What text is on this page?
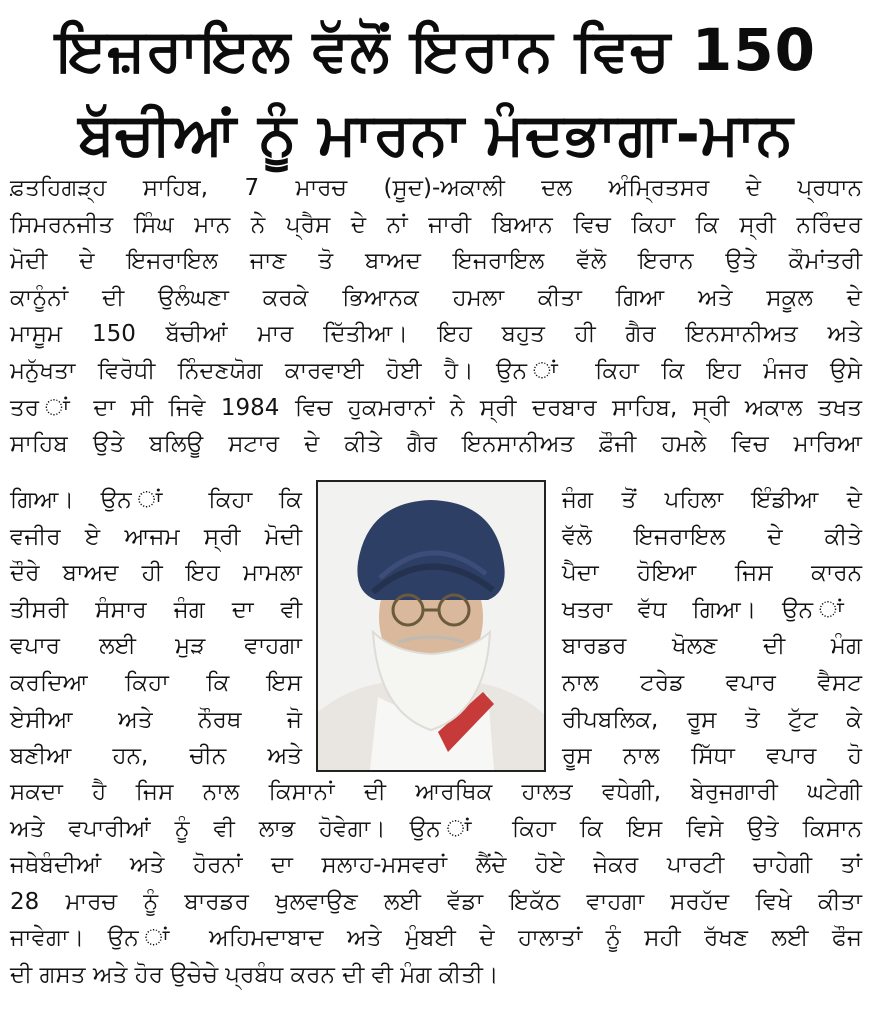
ਇਜ਼ਰਾਇਲ ਵੱਲੋਂ ਇਰਾਨ ਵਿਚ 150
ਬੱਚੀਆਂ ਨੂੰ ਮਾਰਨਾ ਮੰਦਭਾਗਾ-ਮਾਨ
ਫ਼ਤਹਿਗੜ੍ਹ ਸਾਹਿਬ, 7 ਮਾਰਚ (ਸੂਦ)-ਅਕਾਲੀ ਦਲ ਅੰਮ੍ਰਿਤਸਰ ਦੇ ਪ੍ਰਧਾਨ
ਸਿਮਰਨਜੀਤ ਸਿੰਘ ਮਾਨ ਨੇ ਪ੍ਰੈਸ ਦੇ ਨਾਂ ਜਾਰੀ ਬਿਆਨ ਵਿਚ ਕਿਹਾ ਕਿ ਸ੍ਰੀ ਨਰਿੰਦਰ
ਮੋਦੀ ਦੇ ਇਜਰਾਇਲ ਜਾਣ ਤੋ ਬਾਅਦ ਇਜਰਾਇਲ ਵੱਲੋ ਇਰਾਨ ਉਤੇ ਕੌਮਾਂਤਰੀ
ਕਾਨੂੰਨਾਂ ਦੀ ਉਲੰਘਣਾ ਕਰਕੇ ਭਿਆਨਕ ਹਮਲਾ ਕੀਤਾ ਗਿਆ ਅਤੇ ਸਕੂਲ ਦੇ
ਮਾਸੂਮ 150 ਬੱਚੀਆਂ ਮਾਰ ਦਿੱਤੀਆ। ਇਹ ਬਹੁਤ ਹੀ ਗੈਰ ਇਨਸਾਨੀਅਤ ਅਤੇ
ਮਨੁੱਖਤਾ ਵਿਰੋਧੀ ਨਿੰਦਣਯੋਗ ਕਾਰਵਾਈ ਹੋਈ ਹੈ। ਉਨ ਾਂ ਕਿਹਾ ਕਿ ਇਹ ਮੰਜਰ ਉਸੇ
ਤਰ ਾਂ ਦਾ ਸੀ ਜਿਵੇ 1984 ਵਿਚ ਹੁਕਮਰਾਨਾਂ ਨੇ ਸ੍ਰੀ ਦਰਬਾਰ ਸਾਹਿਬ, ਸ੍ਰੀ ਅਕਾਲ ਤਖਤ
ਸਾਹਿਬ ਉਤੇ ਬਲਿਊ ਸਟਾਰ ਦੇ ਕੀਤੇ ਗੈਰ ਇਨਸਾਨੀਅਤ ਫ਼ੌਜੀ ਹਮਲੇ ਵਿਚ ਮਾਰਿਆ
ਗਿਆ। ਉਨ ਾਂ ਕਿਹਾ ਕਿ
ਵਜੀਰ ਏ ਆਜਮ ਸ੍ਰੀ ਮੋਦੀ
ਦੌਰੇ ਬਾਅਦ ਹੀ ਇਹ ਮਾਮਲਾ
ਤੀਸਰੀ ਸੰਸਾਰ ਜੰਗ ਦਾ ਵੀ
ਵਪਾਰ ਲਈ ਮੁੜ ਵਾਹਗਾ
ਕਰਦਿਆ ਕਿਹਾ ਕਿ ਇਸ
ਏਸੀਆ ਅਤੇ ਨੌਰਥ ਜੋ
ਬਣੀਆ ਹਨ, ਚੀਨ ਅਤੇ
ਜੰਗ ਤੋਂ ਪਹਿਲਾ ਇੰਡੀਆ ਦੇ
ਵੱਲੋ ਇਜਰਾਇਲ ਦੇ ਕੀਤੇ
ਪੈਦਾ ਹੋਇਆ ਜਿਸ ਕਾਰਨ
ਖਤਰਾ ਵੱਧ ਗਿਆ। ਉਨ ਾਂ
ਬਾਰਡਰ ਖੋਲਣ ਦੀ ਮੰਗ
ਨਾਲ ਟਰੇਡ ਵਪਾਰ ਵੈਸਟ
ਰੀਪਬਲਿਕ, ਰੂਸ ਤੋ ਟੁੱਟ ਕੇ
ਰੂਸ ਨਾਲ ਸਿੱਧਾ ਵਪਾਰ ਹੋ
ਸਕਦਾ ਹੈ ਜਿਸ ਨਾਲ ਕਿਸਾਨਾਂ ਦੀ ਆਰਥਿਕ ਹਾਲਤ ਵਧੇਗੀ, ਬੇਰੁਜਗਾਰੀ ਘਟੇਗੀ
ਅਤੇ ਵਪਾਰੀਆਂ ਨੂੰ ਵੀ ਲਾਭ ਹੋਵੇਗਾ। ਉਨ ਾਂ ਕਿਹਾ ਕਿ ਇਸ ਵਿਸੇ ਉਤੇ ਕਿਸਾਨ
ਜਥੇਬੰਦੀਆਂ ਅਤੇ ਹੋਰਨਾਂ ਦਾ ਸਲਾਹ-ਮਸਵਰਾਂ ਲੈਂਦੇ ਹੋਏ ਜੇਕਰ ਪਾਰਟੀ ਚਾਹੇਗੀ ਤਾਂ
28 ਮਾਰਚ ਨੂੰ ਬਾਰਡਰ ਖੁਲਵਾਉਣ ਲਈ ਵੱਡਾ ਇਕੱਠ ਵਾਹਗਾ ਸਰਹੱਦ ਵਿਖੇ ਕੀਤਾ
ਜਾਵੇਗਾ। ਉਨ ਾਂ ਅਹਿਮਦਾਬਾਦ ਅਤੇ ਮੁੰਬਈ ਦੇ ਹਾਲਾਤਾਂ ਨੂੰ ਸਹੀ ਰੱਖਣ ਲਈ ਫੌਜ
ਦੀ ਗਸਤ ਅਤੇ ਹੋਰ ਉਚੇਚੇ ਪ੍ਰਬੰਧ ਕਰਨ ਦੀ ਵੀ ਮੰਗ ਕੀਤੀ।
